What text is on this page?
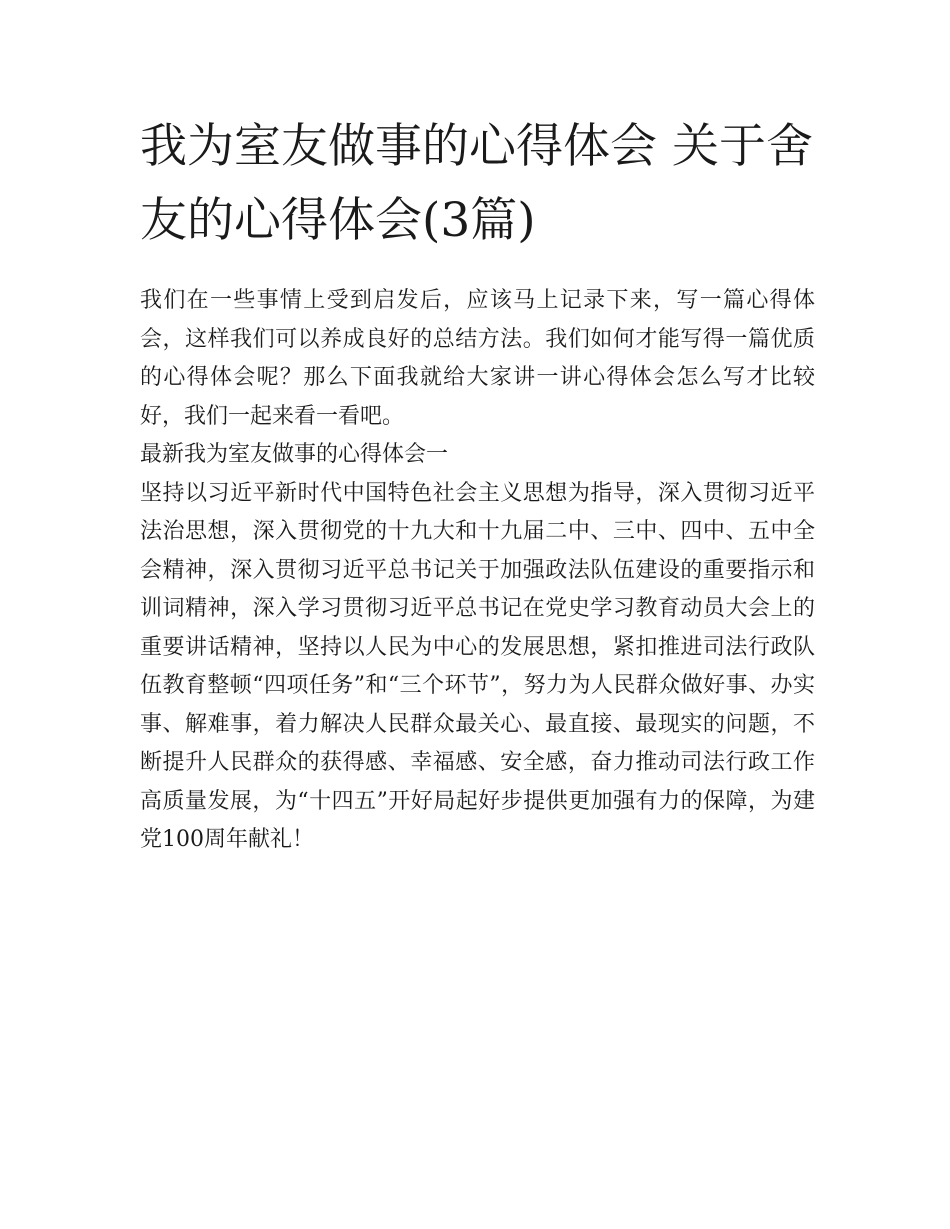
我为室友做事的心得体会 关于舍友的心得体会(3篇)

我们在一些事情上受到启发后，应该马上记录下来，写一篇心得体会，这样我们可以养成良好的总结方法。我们如何才能写得一篇优质的心得体会呢？那么下面我就给大家讲一讲心得体会怎么写才比较好，我们一起来看一看吧。

最新我为室友做事的心得体会一

坚持以习近平新时代中国特色社会主义思想为指导，深入贯彻习近平法治思想，深入贯彻党的十九大和十九届二中、三中、四中、五中全会精神，深入贯彻习近平总书记关于加强政法队伍建设的重要指示和训词精神，深入学习贯彻习近平总书记在党史学习教育动员大会上的重要讲话精神，坚持以人民为中心的发展思想，紧扣推进司法行政队伍教育整顿“四项任务”和“三个环节”，努力为人民群众做好事、办实事、解难事，着力解决人民群众最关心、最直接、最现实的问题，不断提升人民群众的获得感、幸福感、安全感，奋力推动司法行政工作高质量发展，为“十四五”开好局起好步提供更加强有力的保障，为建党100周年献礼！
